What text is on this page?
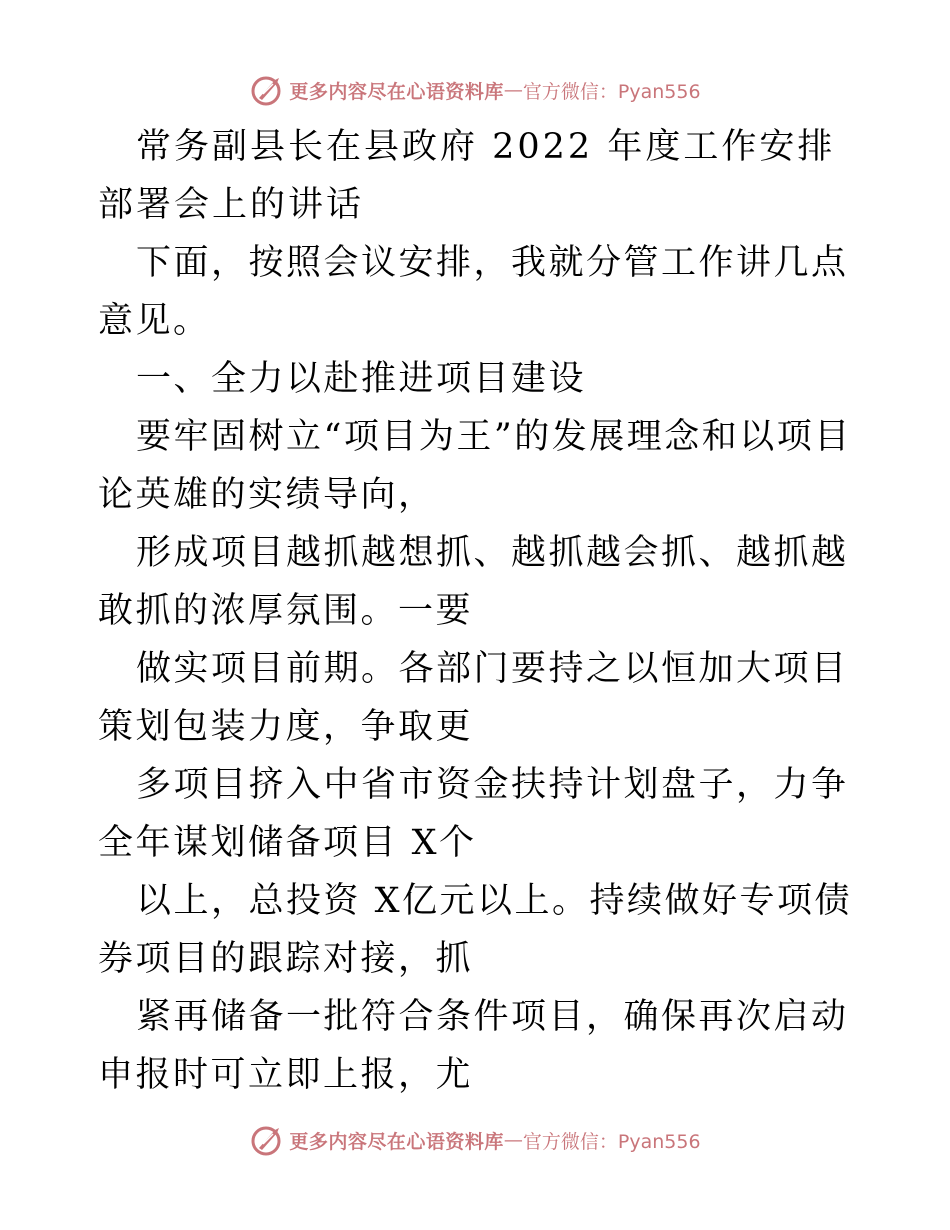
更多内容尽在心语资料库 — 官方微信：Pyan556

常务副县长在县政府 2022 年度工作安排部署会上的讲话

下面，按照会议安排，我就分管工作讲几点意见。

一、全力以赴推进项目建设

要牢固树立“项目为王”的发展理念和以项目论英雄的实绩导向，

形成项目越抓越想抓、越抓越会抓、越抓越敢抓的浓厚氛围。一要

做实项目前期。各部门要持之以恒加大项目策划包装力度，争取更

多项目挤入中省市资金扶持计划盘子，力争全年谋划储备项目 X个

以上，总投资 X亿元以上。持续做好专项债券项目的跟踪对接，抓

紧再储备一批符合条件项目，确保再次启动申报时可立即上报，尤

更多内容尽在心语资料库 — 官方微信：Pyan556
